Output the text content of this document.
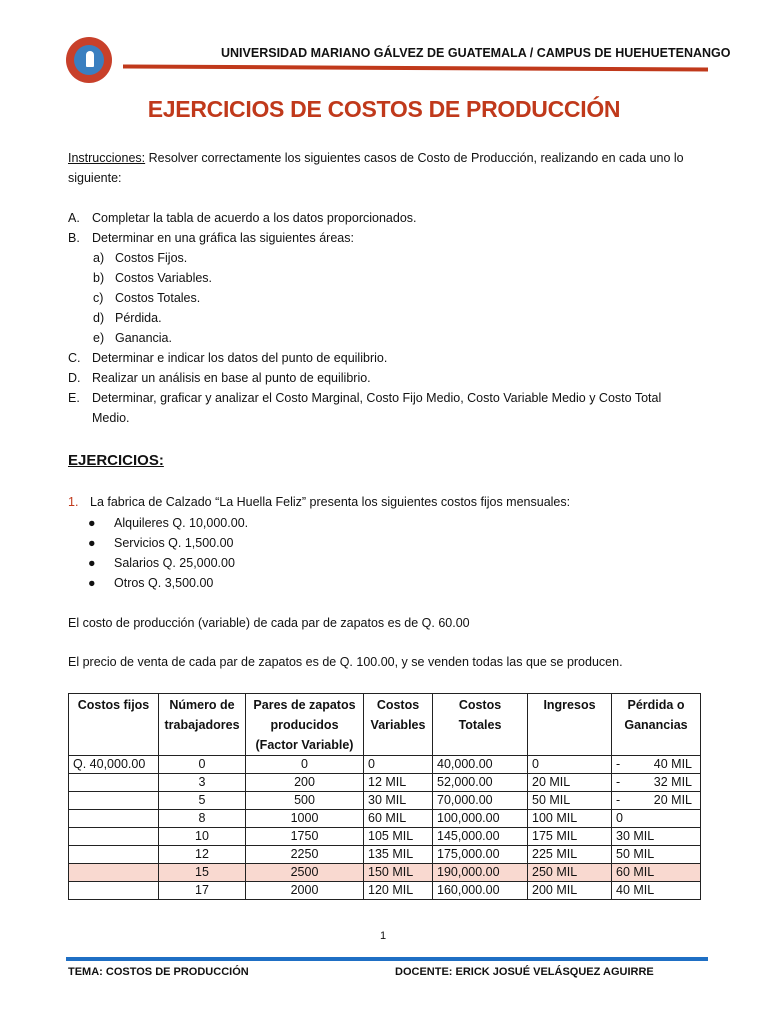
UNIVERSIDAD MARIANO GÁLVEZ DE GUATEMALA / CAMPUS DE HUEHUETENANGO
EJERCICIOS DE COSTOS DE PRODUCCIÓN
Instrucciones: Resolver correctamente los siguientes casos de Costo de Producción, realizando en cada uno lo
siguiente:
EJERCICIOS:
1. La fabrica de Calzado “La Huella Feliz” presenta los siguientes costos fijos mensuales:
El costo de producción (variable) de cada par de zapatos es de Q. 60.00
El precio de venta de cada par de zapatos es de Q. 100.00, y se venden todas las que se producen.
Costos fijos	Número de trabajadores	Pares de zapatos producidos (Factor Variable)	Costos Variables	Costos Totales	Ingresos	Pérdida o Ganancias
Q. 40,000.00	0	0	0	40,000.00	0	- 40 MIL
	3	200	12 MIL	52,000.00	20 MIL	- 32 MIL
	5	500	30 MIL	70,000.00	50 MIL	- 20 MIL
	8	1000	60 MIL	100,000.00	100 MIL	0
	10	1750	105 MIL	145,000.00	175 MIL	30 MIL
	12	2250	135 MIL	175,000.00	225 MIL	50 MIL
	15	2500	150 MIL	190,000.00	250 MIL	60 MIL
	17	2000	120 MIL	160,000.00	200 MIL	40 MIL
1
TEMA: COSTOS DE PRODUCCIÓN	DOCENTE: ERICK JOSUÉ VELÁSQUEZ AGUIRRE
A. Completar la tabla de acuerdo a los datos proporcionados.
B. Determinar en una gráfica las siguientes áreas:
a) Costos Fijos.
b) Costos Variables.
c) Costos Totales.
d) Pérdida.
e) Ganancia.
C. Determinar e indicar los datos del punto de equilibrio.
D. Realizar un análisis en base al punto de equilibrio.
E. Determinar, graficar y analizar el Costo Marginal, Costo Fijo Medio, Costo Variable Medio y Costo Total
Medio.
● Alquileres Q. 10,000.00.
● Servicios Q. 1,500.00
● Salarios Q. 25,000.00
● Otros Q. 3,500.00
